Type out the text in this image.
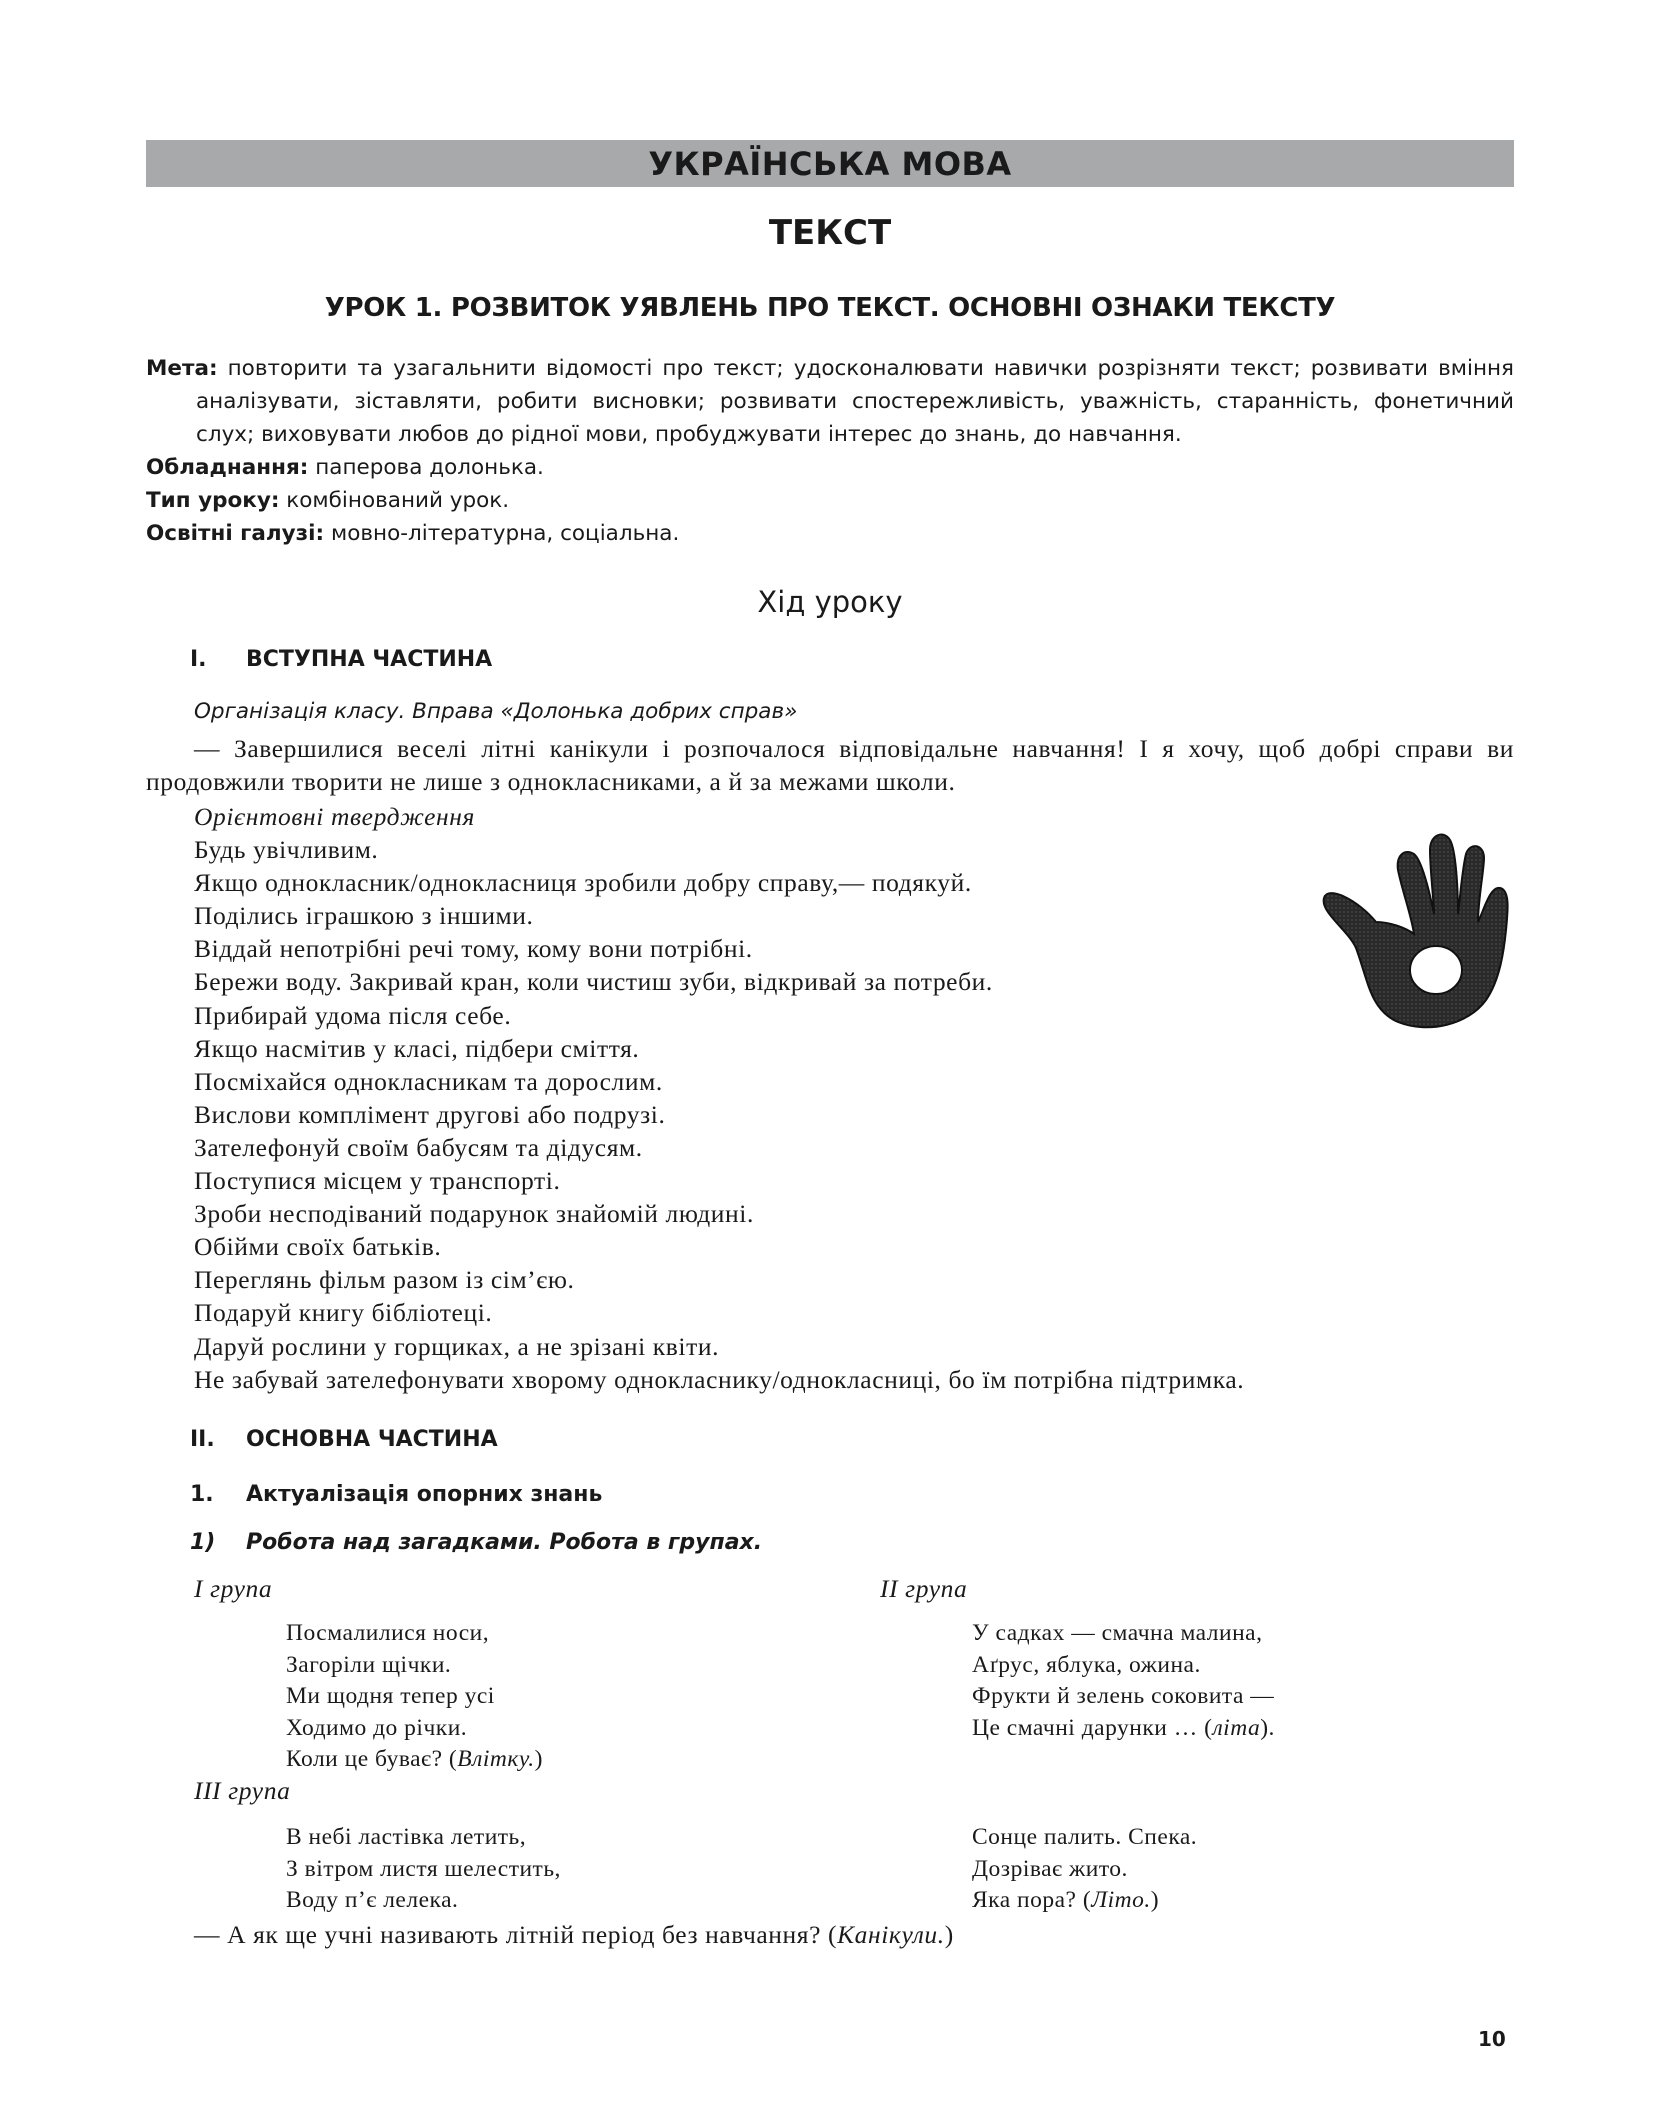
УКРАЇНСЬКА МОВА
ТЕКСТ
УРОК 1. РОЗВИТОК УЯВЛЕНЬ ПРО ТЕКСТ. ОСНОВНІ ОЗНАКИ ТЕКСТУ
Мета: повторити та узагальнити відомості про текст; удосконалювати навички розрізняти текст; розвивати вміння аналізувати, зіставляти, робити висновки; розвивати спостережливість, уважність, старанність, фонетичний слух; виховувати любов до рідної мови, пробуджувати інтерес до знань, до навчання.
Обладнання: паперова долонька.
Тип уроку: комбінований урок.
Освітні галузі: мовно-літературна, соціальна.
Хід уроку
I. ВСТУПНА ЧАСТИНА
Організація класу. Вправа «Долонька добрих справ»
— Завершилися веселі літні канікули і розпочалося відповідальне навчання! І я хочу, щоб добрі справи ви продовжили творити не лише з однокласниками, а й за межами школи.
Орієнтовні твердження
Будь увічливим.
Якщо однокласник/однокласниця зробили добру справу,— подякуй.
Поділись іграшкою з іншими.
Віддай непотрібні речі тому, кому вони потрібні.
Бережи воду. Закривай кран, коли чистиш зуби, відкривай за потреби.
Прибирай удома після себе.
Якщо насмітив у класі, підбери сміття.
Посміхайся однокласникам та дорослим.
Вислови комплімент другові або подрузі.
Зателефонуй своїм бабусям та дідусям.
Поступися місцем у транспорті.
Зроби несподіваний подарунок знайомій людині.
Обійми своїх батьків.
Переглянь фільм разом із сім’єю.
Подаруй книгу бібліотеці.
Даруй рослини у горщиках, а не зрізані квіти.
Не забувай зателефонувати хворому однокласнику/однокласниці, бо їм потрібна підтримка.
II. ОСНОВНА ЧАСТИНА
1. Актуалізація опорних знань
1) Робота над загадками. Робота в групах.
I група
Посмалилися носи,
Загоріли щічки.
Ми щодня тепер усі
Ходимо до річки.
Коли це буває? (Влітку.)
II група
У садках — смачна малина,
Аґрус, яблука, ожина.
Фрукти й зелень соковита —
Це смачні дарунки … (літа).
III група
В небі ластівка летить,
З вітром листя шелестить,
Воду п’є лелека.
Сонце палить. Спека.
Дозріває жито.
Яка пора? (Літо.)
— А як ще учні називають літній період без навчання? (Канікули.)
10
